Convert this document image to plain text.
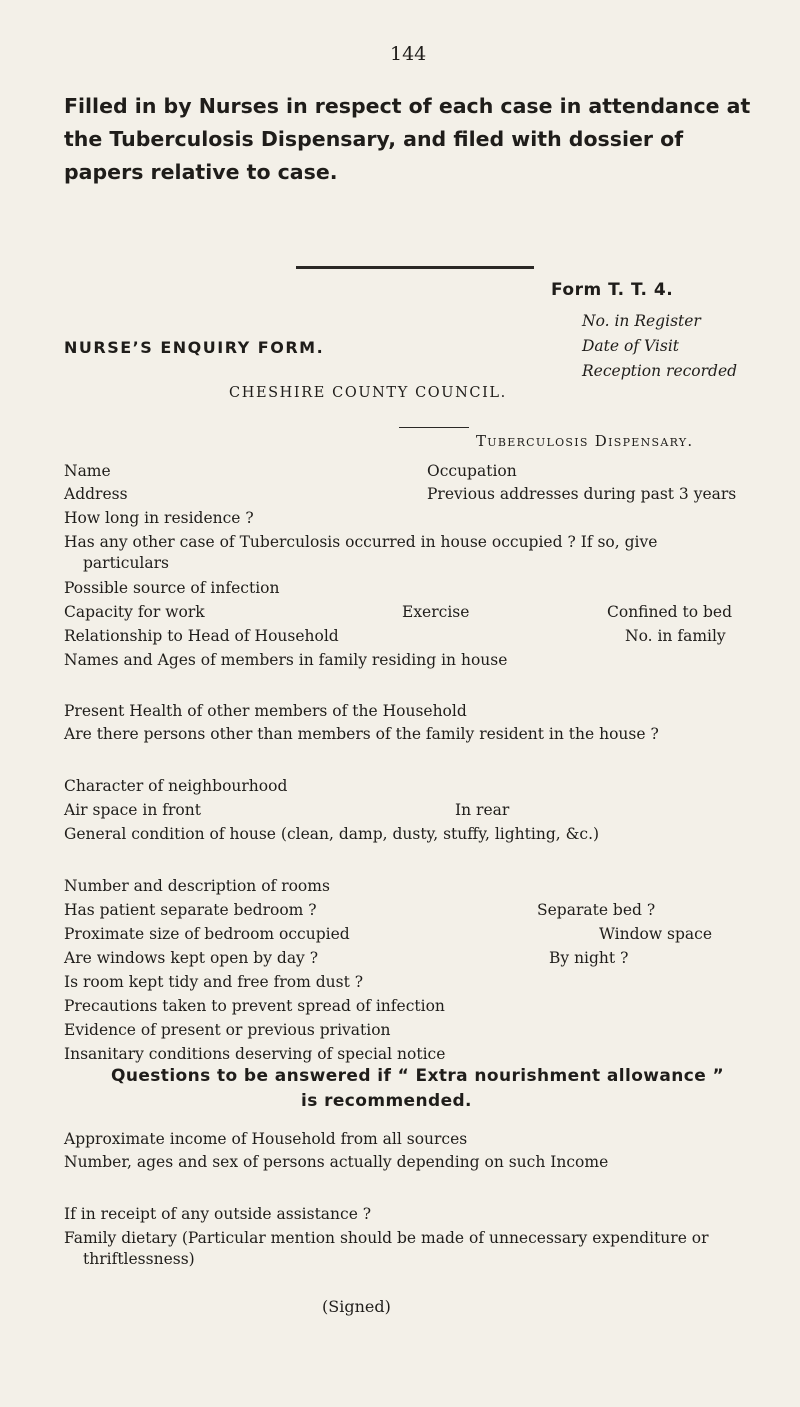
144
Filled in by Nurses in respect of each case in attendance at the Tuberculosis Dispensary, and filed with dossier of papers relative to case.
Form T. T. 4.
NURSE’S ENQUIRY FORM.
No. in Register
Date of Visit
Reception recorded
CHESHIRE COUNTY COUNCIL.
Tuberculosis Dispensary.
Name	Occupation
Address	Previous addresses during past 3 years
How long in residence ?
Has any other case of Tuberculosis occurred in house occupied ? If so, give
particulars
Possible source of infection
Capacity for work	Exercise	Confined to bed
Relationship to Head of Household	No. in family
Names and Ages of members in family residing in house
Present Health of other members of the Household
Are there persons other than members of the family resident in the house ?
Character of neighbourhood
Air space in front	In rear
General condition of house (clean, damp, dusty, stuffy, lighting, &c.)
Number and description of rooms
Has patient separate bedroom ?	Separate bed ?
Proximate size of bedroom occupied	Window space
Are windows kept open by day ?	By night ?
Is room kept tidy and free from dust ?
Precautions taken to prevent spread of infection
Evidence of present or previous privation
Insanitary conditions deserving of special notice
Questions to be answered if “ Extra nourishment allowance ”
is recommended.
Approximate income of Household from all sources
Number, ages and sex of persons actually depending on such Income
If in receipt of any outside assistance ?
Family dietary (Particular mention should be made of unnecessary expenditure or
thriftlessness)
(Signed)
